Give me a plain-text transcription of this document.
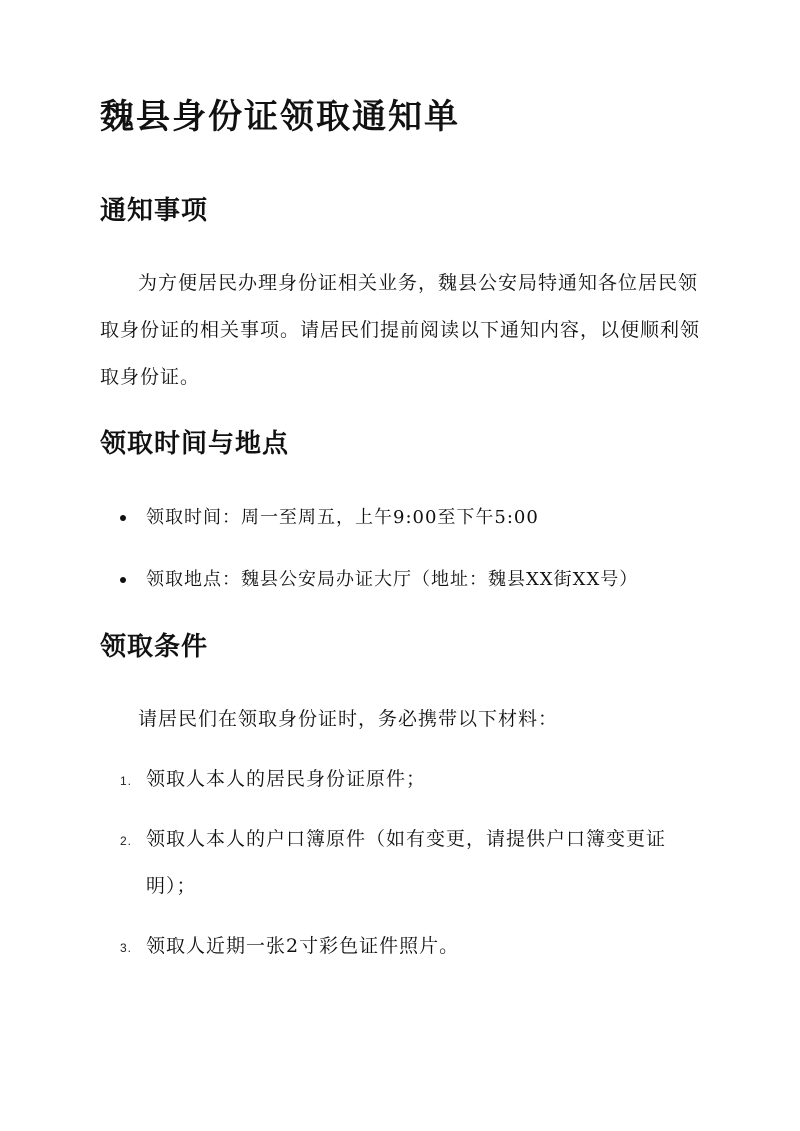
魏县身份证领取通知单
通知事项

为方便居民办理身份证相关业务，魏县公安局特通知各位居民领取身份证的相关事项。请居民们提前阅读以下通知内容，以便顺利领取身份证。

领取时间与地点
领取时间：周一至周五，上午9:00至下午5:00
领取地点：魏县公安局办证大厅（地址：魏县XX街XX号）
领取条件

请居民们在领取身份证时，务必携带以下材料：

1. 领取人本人的居民身份证原件；
2. 领取人本人的户口簿原件（如有变更，请提供户口簿变更证明）；
3. 领取人近期一张2寸彩色证件照片。
